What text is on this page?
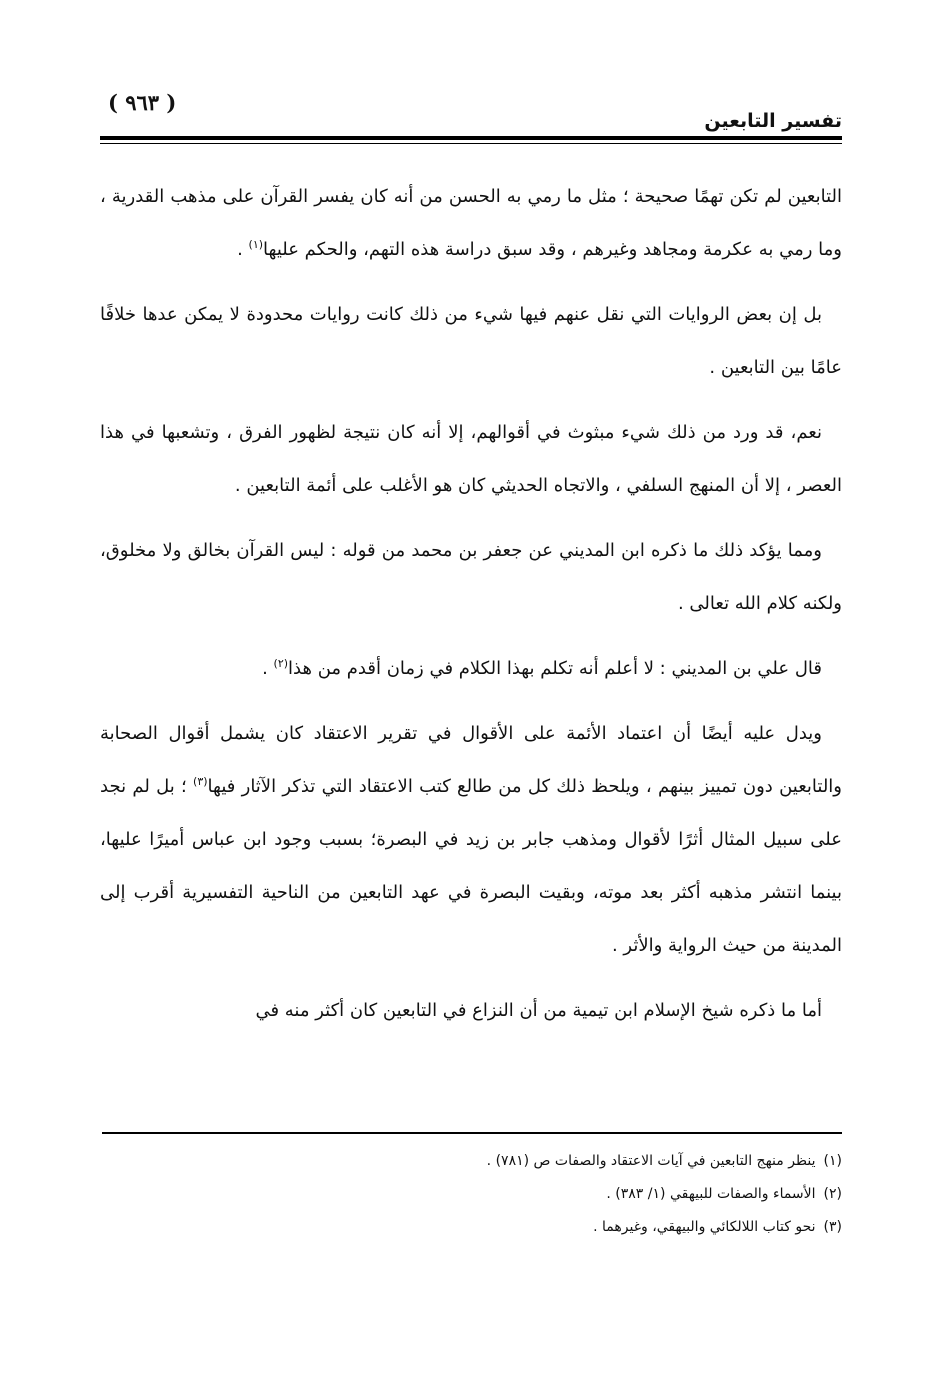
تفسير التابعين
( ٩٦٣ )

التابعين لم تكن تهمًا صحيحة ؛ مثل ما رمي به الحسن من أنه كان يفسر القرآن على مذهب القدرية ، وما رمي به عكرمة ومجاهد وغيرهم ، وقد سبق دراسة هذه التهم، والحكم عليها$^{(١)}$ .

بل إن بعض الروايات التي نقل عنهم فيها شيء من ذلك كانت روايات محدودة لا يمكن عدها خلافًا عامًا بين التابعين .

نعم، قد ورد من ذلك شيء مبثوث في أقوالهم، إلا أنه كان نتيجة لظهور الفرق ، وتشعبها في هذا العصر ، إلا أن المنهج السلفي ، والاتجاه الحديثي كان هو الأغلب على أئمة التابعين .

ومما يؤكد ذلك ما ذكره ابن المديني عن جعفر بن محمد من قوله : ليس القرآن بخالق ولا مخلوق، ولكنه كلام الله تعالى .

قال علي بن المديني : لا أعلم أنه تكلم بهذا الكلام في زمان أقدم من هذا$^{(٢)}$ .

ويدل عليه أيضًا أن اعتماد الأئمة على الأقوال في تقرير الاعتقاد كان يشمل أقوال الصحابة والتابعين دون تمييز بينهم ، ويلحظ ذلك كل من طالع كتب الاعتقاد التي تذكر الآثار فيها$^{(٣)}$ ؛ بل لم نجد على سبيل المثال أثرًا لأقوال ومذهب جابر بن زيد في البصرة؛ بسبب وجود ابن عباس أميرًا عليها، بينما انتشر مذهبه أكثر بعد موته، وبقيت البصرة في عهد التابعين من الناحية التفسيرية أقرب إلى المدينة من حيث الرواية والأثر .

أما ما ذكره شيخ الإسلام ابن تيمية من أن النزاع في التابعين كان أكثر منه في

(١)ينظر منهج التابعين في آيات الاعتقاد والصفات ص (٧٨١) .

(٢)الأسماء والصفات للبيهقي (١/ ٣٨٣) .

(٣)نحو كتاب اللالكائي والبيهقي، وغيرهما .
